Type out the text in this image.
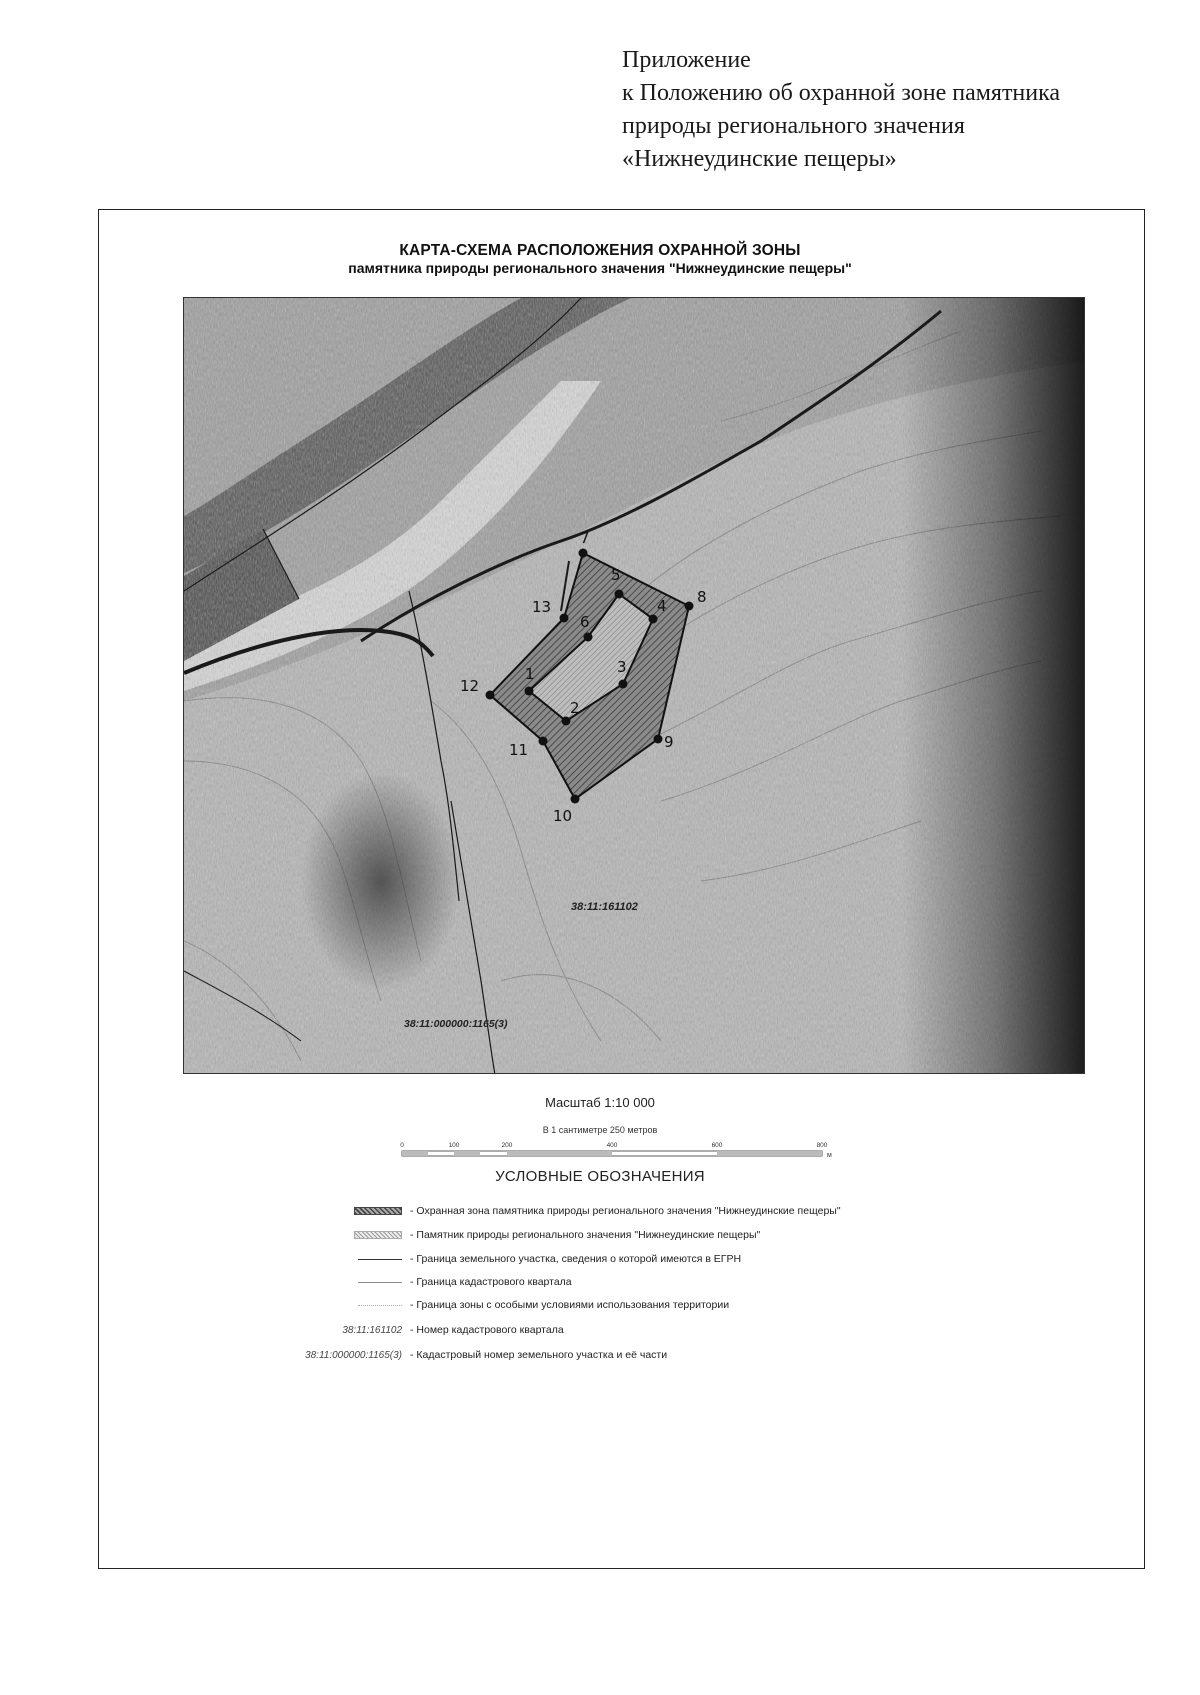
Приложение
к Положению об охранной зоне памятника
природы регионального значения
«Нижнеудинские пещеры»
КАРТА-СХЕМА РАСПОЛОЖЕНИЯ ОХРАННОЙ ЗОНЫ
памятника природы регионального значения "Нижнеудинские пещеры"
1
2
3
4
5
6
7
8
9
10
11
12
13
38:11:161102
38:11:000000:1165(3)
Масштаб 1:10 000
В 1 сантиметре 250 метров
0	100	200	400	600	800
м
УСЛОВНЫЕ ОБОЗНАЧЕНИЯ
- Охранная зона памятника природы регионального значения "Нижнеудинские пещеры"
- Памятник природы регионального значения "Нижнеудинские пещеры"
- Граница земельного участка, сведения о которой имеются в ЕГРН
- Граница кадастрового квартала
- Граница зоны с особыми условиями использования территории
38:11:161102 - Номер кадастрового квартала
38:11:000000:1165(3) - Кадастровый номер земельного участка и её части
